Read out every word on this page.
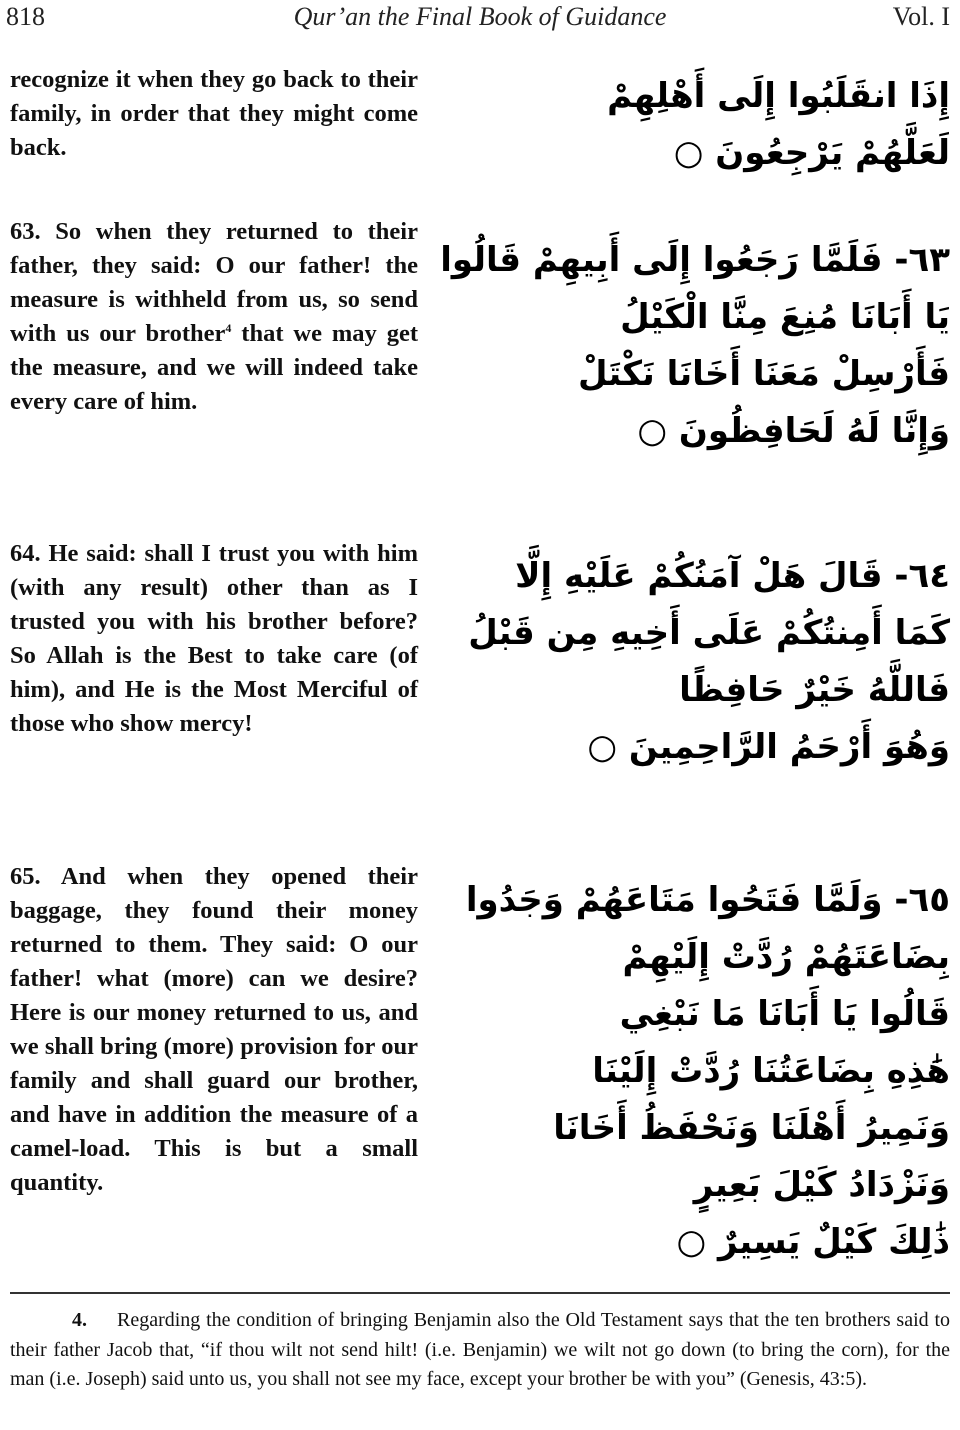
818	Qur’an the Final Book of Guidance	Vol. I
recognize it when they go back to their family, in order that they might come back.
إِذَا انقَلَبُوا إِلَى أَهْلِهِمْ
لَعَلَّهُمْ يَرْجِعُونَ ○
63. So when they returned to their father, they said: O our father! the measure is withheld from us, so send with us our brother$^4$ that we may get the measure, and we will indeed take every care of him.
٦٣- فَلَمَّا رَجَعُوا إِلَى أَبِيهِمْ قَالُوا
يَا أَبَانَا مُنِعَ مِنَّا الْكَيْلُ
فَأَرْسِلْ مَعَنَا أَخَانَا نَكْتَلْ
وَإِنَّا لَهُ لَحَافِظُونَ ○
64. He said: shall I trust you with him (with any result) other than as I trusted you with his brother before? So Allah is the Best to take care (of him), and He is the Most Merciful of those who show mercy!
٦٤- قَالَ هَلْ آمَنُكُمْ عَلَيْهِ إِلَّا
كَمَا أَمِنتُكُمْ عَلَى أَخِيهِ مِن قَبْلُ
فَاللَّهُ خَيْرٌ حَافِظًا
وَهُوَ أَرْحَمُ الرَّاحِمِينَ ○
65. And when they opened their baggage, they found their money returned to them. They said: O our father! what (more) can we desire? Here is our money returned to us, and we shall bring (more) provision for our family and shall guard our brother, and have in addition the measure of a camel-load. This is but a small quantity.
٦٥- وَلَمَّا فَتَحُوا مَتَاعَهُمْ وَجَدُوا
بِضَاعَتَهُمْ رُدَّتْ إِلَيْهِمْ
قَالُوا يَا أَبَانَا مَا نَبْغِي
هَٰذِهِ بِضَاعَتُنَا رُدَّتْ إِلَيْنَا
وَنَمِيرُ أَهْلَنَا وَنَحْفَظُ أَخَانَا
وَنَزْدَادُ كَيْلَ بَعِيرٍ
ذَٰلِكَ كَيْلٌ يَسِيرٌ ○
4. Regarding the condition of bringing Benjamin also the Old Testament says that the ten brothers said to their father Jacob that, “if thou wilt not send hilt! (i.e. Benjamin) we wilt not go down (to bring the corn), for the man (i.e. Joseph) said unto us, you shall not see my face, except your brother be with you” (Genesis, 43:5).
